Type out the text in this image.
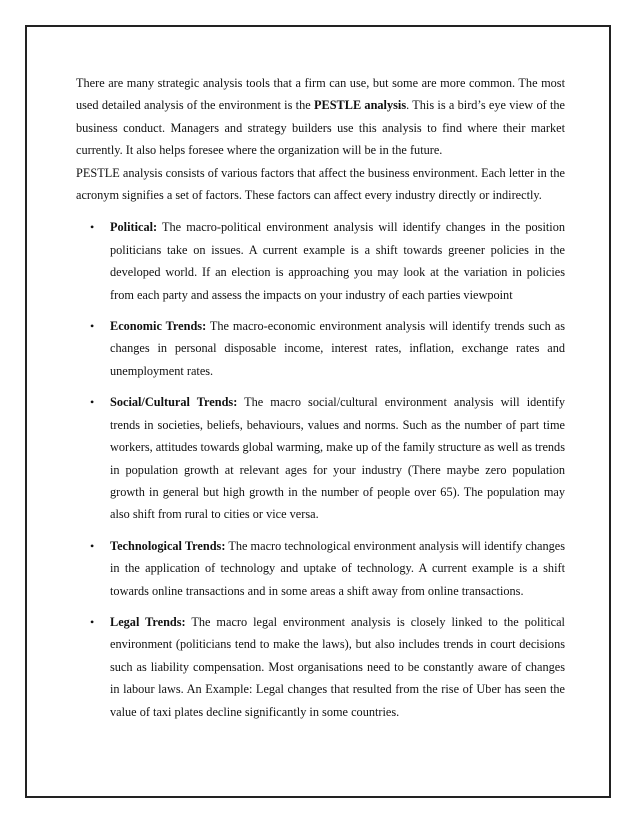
There are many strategic analysis tools that a firm can use, but some are more common. The most used detailed analysis of the environment is the PESTLE analysis. This is a bird’s eye view of the business conduct. Managers and strategy builders use this analysis to find where their market currently. It also helps foresee where the organization will be in the future.

PESTLE analysis consists of various factors that affect the business environment. Each letter in the acronym signifies a set of factors. These factors can affect every industry directly or indirectly.

• Political: The macro-political environment analysis will identify changes in the position politicians take on issues. A current example is a shift towards greener policies in the developed world. If an election is approaching you may look at the variation in policies from each party and assess the impacts on your industry of each parties viewpoint
• Economic Trends: The macro-economic environment analysis will identify trends such as changes in personal disposable income, interest rates, inflation, exchange rates and unemployment rates.
• Social/Cultural Trends: The macro social/cultural environment analysis will identify trends in societies, beliefs, behaviours, values and norms. Such as the number of part time workers, attitudes towards global warming, make up of the family structure as well as trends in population growth at relevant ages for your industry (There maybe zero population growth in general but high growth in the number of people over 65). The population may also shift from rural to cities or vice versa.
• Technological Trends: The macro technological environment analysis will identify changes in the application of technology and uptake of technology. A current example is a shift towards online transactions and in some areas a shift away from online transactions.
• Legal Trends: The macro legal environment analysis is closely linked to the political environment (politicians tend to make the laws), but also includes trends in court decisions such as liability compensation. Most organisations need to be constantly aware of changes in labour laws. An Example: Legal changes that resulted from the rise of Uber has seen the value of taxi plates decline significantly in some countries.
